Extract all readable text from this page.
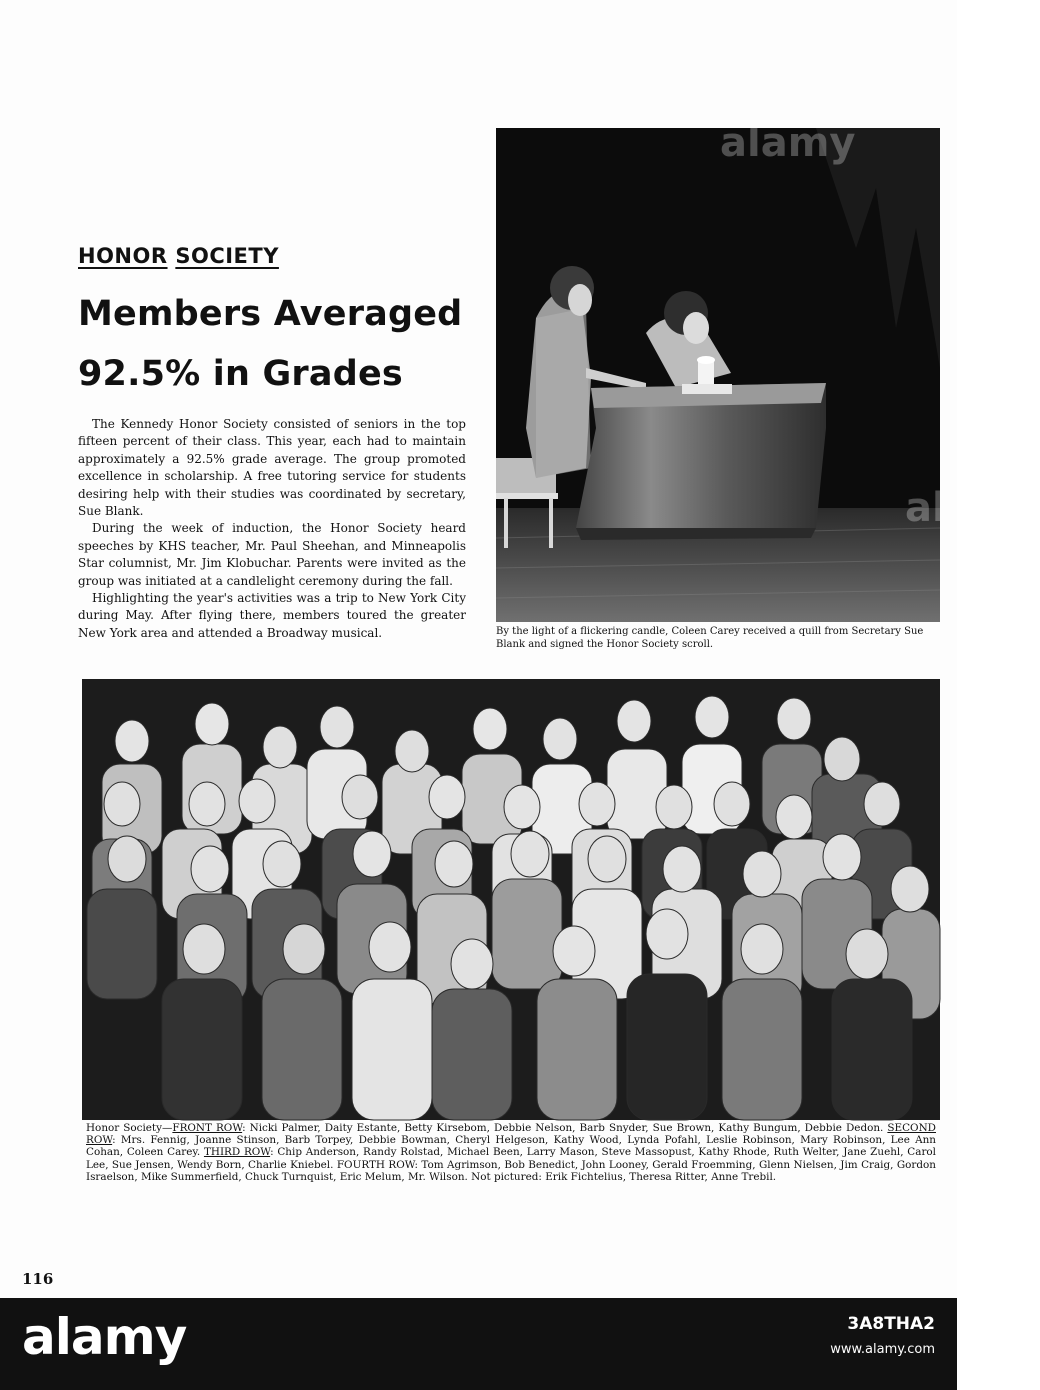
HONOR SOCIETY
Members Averaged
92.5% in Grades

The Kennedy Honor Society consisted of seniors in the top fifteen percent of their class. This year, each had to maintain approximately a 92.5% grade average. The group promoted excellence in scholarship. A free tutoring service for students desiring help with their studies was coordinated by secretary, Sue Blank.

During the week of induction, the Honor Society heard speeches by KHS teacher, Mr. Paul Sheehan, and Minneapolis Star columnist, Mr. Jim Klobuchar. Parents were invited as the group was initiated at a candlelight ceremony during the fall.

Highlighting the year's activities was a trip to New York City during May. After flying there, members toured the greater New York area and attended a Broadway musical.	By the light of a flickering candle, Coleen Carey received a quill from Secretary Sue Blank and signed the Honor Society scroll.
Honor Society—FRONT ROW: Nicki Palmer, Daity Estante, Betty Kirsebom, Debbie Nelson, Barb Snyder, Sue Brown, Kathy Bungum, Debbie Dedon. SECOND ROW: Mrs. Fennig, Joanne Stinson, Barb Torpey, Debbie Bowman, Cheryl Helgeson, Kathy Wood, Lynda Pofahl, Leslie Robinson, Mary Robinson, Lee Ann Cohan, Coleen Carey. THIRD ROW: Chip Anderson, Randy Rolstad, Michael Been, Larry Mason, Steve Massopust, Kathy Rhode, Ruth Welter, Jane Zuehl, Carol Lee, Sue Jensen, Wendy Born, Charlie Kniebel. FOURTH ROW: Tom Agrimson, Bob Benedict, John Looney, Gerald Froemming, Glenn Nielsen, Jim Craig, Gordon Israelson, Mike Summerfield, Chuck Turnquist, Eric Melum, Mr. Wilson. Not pictured: Erik Fichtelius, Theresa Ritter, Anne Trebil.
116
alamy	3A8THA2
www.alamy.com
alamy
alamy
